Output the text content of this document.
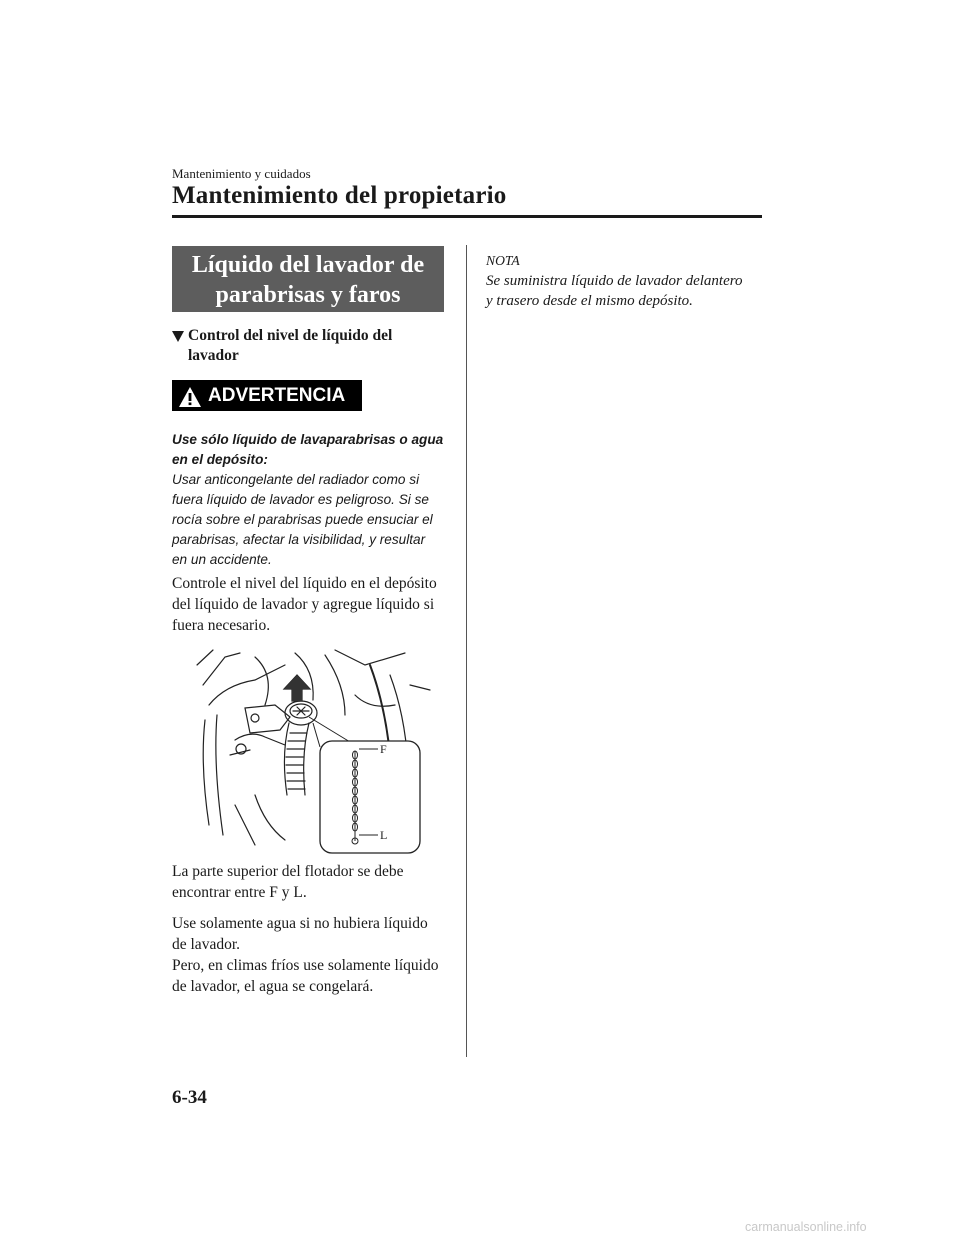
Mantenimiento y cuidados
Mantenimiento del propietario
Líquido del lavador de
parabrisas y faros
Control del nivel de líquido del
lavador
ADVERTENCIA
Use sólo líquido de lavaparabrisas o agua
en el depósito:
Usar anticongelante del radiador como si
fuera líquido de lavador es peligroso. Si se
rocía sobre el parabrisas puede ensuciar el
parabrisas, afectar la visibilidad, y resultar
en un accidente.
Controle el nivel del líquido en el depósito
del líquido de lavador y agregue líquido si
fuera necesario.
F
L
La parte superior del flotador se debe
encontrar entre F y L.
Use solamente agua si no hubiera líquido
de lavador.
Pero, en climas fríos use solamente líquido
de lavador, el agua se congelará.
NOTA
Se suministra líquido de lavador delantero
y trasero desde el mismo depósito.
6-34
carmanualsonline.info
